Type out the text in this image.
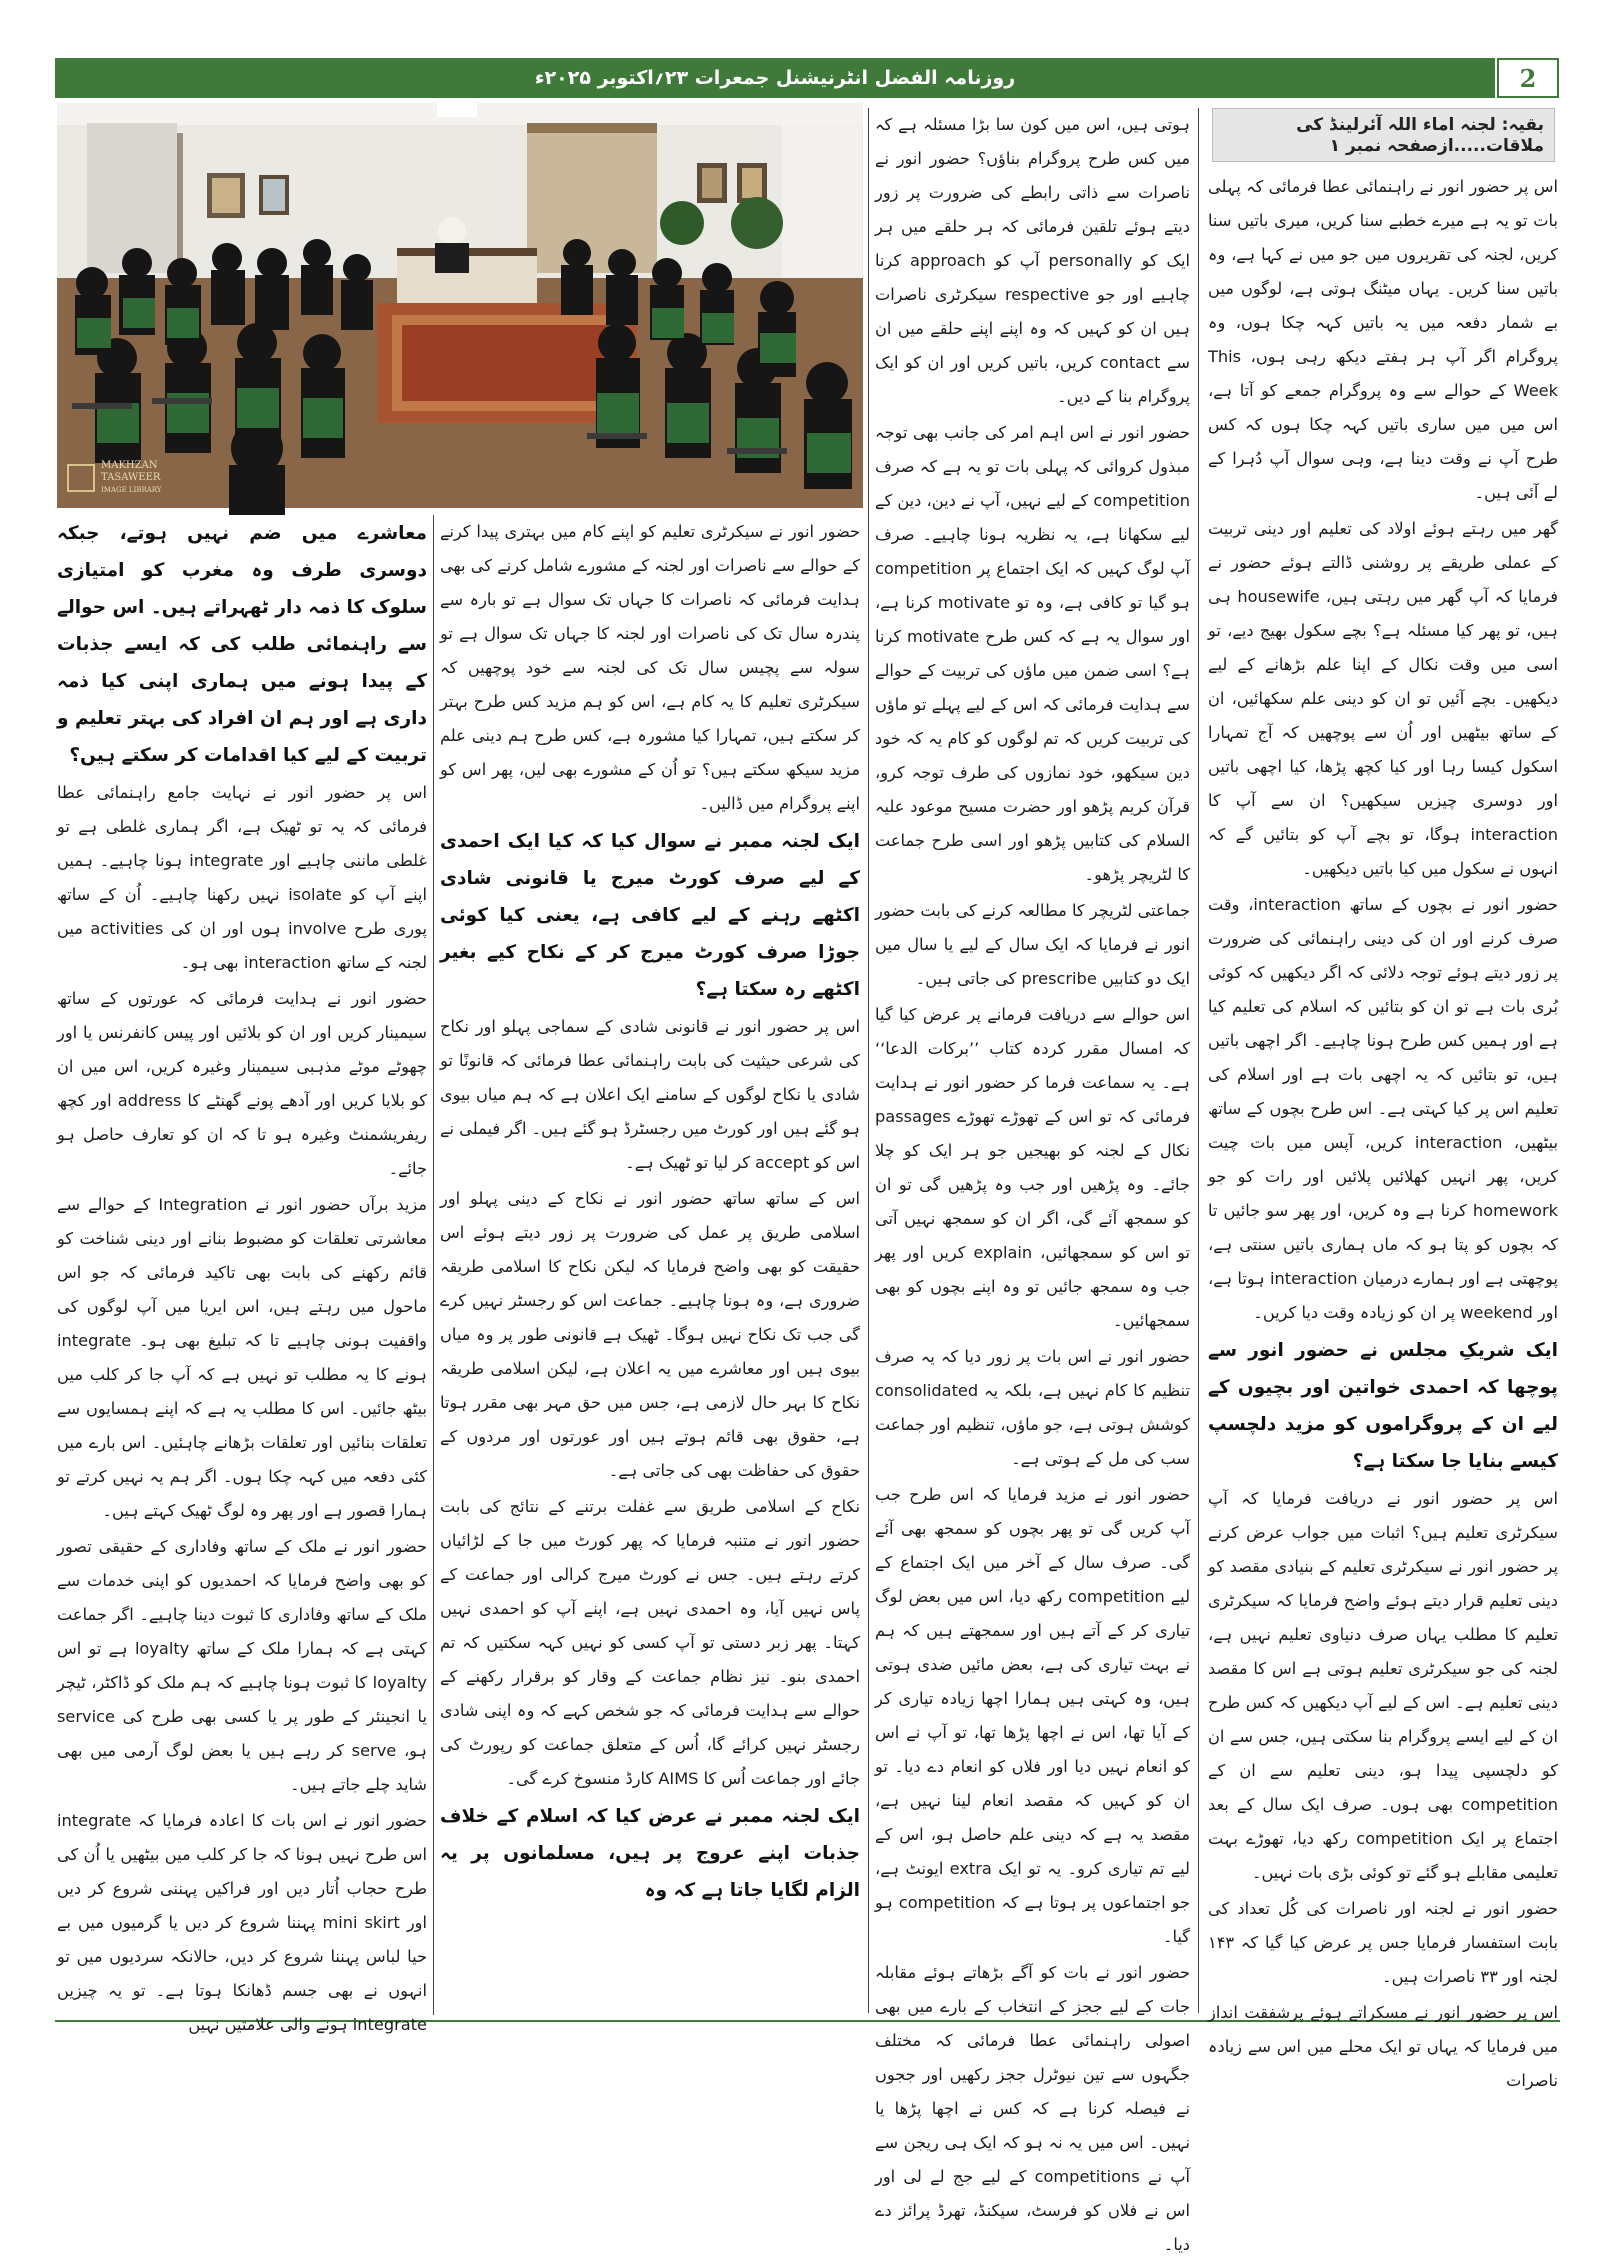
روزنامہ الفضل انٹرنیشنل جمعرات ۲۳؍اکتوبر ۲۰۲۵ء	2
MAKHZAN
TASAWEER
IMAGE LIBRARY
بقیہ: لجنہ اماء اللہ آئرلینڈ کی ملاقات.....ازصفحہ نمبر ۱

اس پر حضور انور نے راہنمائی عطا فرمائی کہ پہلی بات تو یہ ہے میرے خطبے سنا کریں، میری باتیں سنا کریں، لجنہ کی تقریروں میں جو میں نے کہا ہے، وہ باتیں سنا کریں۔ یہاں میٹنگ ہوتی ہے، لوگوں میں بے شمار دفعہ میں یہ باتیں کہہ چکا ہوں، وہ پروگرام اگر آپ ہر ہفتے دیکھ رہی ہوں، This Week کے حوالے سے وہ پروگرام جمعے کو آتا ہے، اس میں میں ساری باتیں کہہ چکا ہوں کہ کس طرح آپ نے وقت دینا ہے، وہی سوال آپ دُہرا کے لے آئی ہیں۔

گھر میں رہتے ہوئے اولاد کی تعلیم اور دینی تربیت کے عملی طریقے پر روشنی ڈالتے ہوئے حضور نے فرمایا کہ آپ گھر میں رہتی ہیں، housewife ہی ہیں، تو پھر کیا مسئلہ ہے؟ بچے سکول بھیج دیے، تو اسی میں وقت نکال کے اپنا علم بڑھانے کے لیے دیکھیں۔ بچے آئیں تو ان کو دینی علم سکھائیں، ان کے ساتھ بیٹھیں اور اُن سے پوچھیں کہ آج تمہارا اسکول کیسا رہا اور کیا کچھ پڑھا، کیا اچھی باتیں اور دوسری چیزیں سیکھیں؟ ان سے آپ کا interaction ہوگا، تو بچے آپ کو بتائیں گے کہ انہوں نے سکول میں کیا باتیں دیکھیں۔

حضور انور نے بچوں کے ساتھ interaction، وقت صرف کرنے اور ان کی دینی راہنمائی کی ضرورت پر زور دیتے ہوئے توجہ دلائی کہ اگر دیکھیں کہ کوئی بُری بات ہے تو ان کو بتائیں کہ اسلام کی تعلیم کیا ہے اور ہمیں کس طرح ہونا چاہیے۔ اگر اچھی باتیں ہیں، تو بتائیں کہ یہ اچھی بات ہے اور اسلام کی تعلیم اس پر کیا کہتی ہے۔ اس طرح بچوں کے ساتھ بیٹھیں، interaction کریں، آپس میں بات چیت کریں، پھر انہیں کھلائیں پلائیں اور رات کو جو homework کرنا ہے وہ کریں، اور پھر سو جائیں تا کہ بچوں کو پتا ہو کہ ماں ہماری باتیں سنتی ہے، پوچھتی ہے اور ہمارے درمیان interaction ہوتا ہے، اور weekend پر ان کو زیادہ وقت دیا کریں۔

ایک شریکِ مجلس نے حضور انور سے پوچھا کہ احمدی خواتین اور بچیوں کے لیے ان کے پروگراموں کو مزید دلچسپ کیسے بنایا جا سکتا ہے؟

اس پر حضور انور نے دریافت فرمایا کہ آپ سیکرٹری تعلیم ہیں؟ اثبات میں جواب عرض کرنے پر حضور انور نے سیکرٹری تعلیم کے بنیادی مقصد کو دینی تعلیم قرار دیتے ہوئے واضح فرمایا کہ سیکرٹری تعلیم کا مطلب یہاں صرف دنیاوی تعلیم نہیں ہے، لجنہ کی جو سیکرٹری تعلیم ہوتی ہے اس کا مقصد دینی تعلیم ہے۔ اس کے لیے آپ دیکھیں کہ کس طرح ان کے لیے ایسے پروگرام بنا سکتی ہیں، جس سے ان کو دلچسپی پیدا ہو، دینی تعلیم سے ان کے competition بھی ہوں۔ صرف ایک سال کے بعد اجتماع پر ایک competition رکھ دیا، تھوڑے بہت تعلیمی مقابلے ہو گئے تو کوئی بڑی بات نہیں۔

حضور انور نے لجنہ اور ناصرات کی کُل تعداد کی بابت استفسار فرمایا جس پر عرض کیا گیا کہ ۱۴۳ لجنہ اور ۳۳ ناصرات ہیں۔

اس پر حضور انور نے مسکراتے ہوئے پرشفقت انداز میں فرمایا کہ یہاں تو ایک محلے میں اس سے زیادہ ناصرات

ہوتی ہیں، اس میں کون سا بڑا مسئلہ ہے کہ میں کس طرح پروگرام بناؤں؟ حضور انور نے ناصرات سے ذاتی رابطے کی ضرورت پر زور دیتے ہوئے تلقین فرمائی کہ ہر حلقے میں ہر ایک کو personally آپ کو approach کرنا چاہیے اور جو respective سیکرٹری ناصرات ہیں ان کو کہیں کہ وہ اپنے اپنے حلقے میں ان سے contact کریں، باتیں کریں اور ان کو ایک پروگرام بنا کے دیں۔

حضور انور نے اس اہم امر کی جانب بھی توجہ مبذول کروائی کہ پہلی بات تو یہ ہے کہ صرف competition کے لیے نہیں، آپ نے دین، دین کے لیے سکھانا ہے، یہ نظریہ ہونا چاہیے۔ صرف آپ لوگ کہیں کہ ایک اجتماع پر competition ہو گیا تو کافی ہے، وہ تو motivate کرنا ہے، اور سوال یہ ہے کہ کس طرح motivate کرنا ہے؟ اسی ضمن میں ماؤں کی تربیت کے حوالے سے ہدایت فرمائی کہ اس کے لیے پہلے تو ماؤں کی تربیت کریں کہ تم لوگوں کو کام یہ کہ خود دین سیکھو، خود نمازوں کی طرف توجہ کرو، قرآن کریم پڑھو اور حضرت مسیح موعود علیہ السلام کی کتابیں پڑھو اور اسی طرح جماعت کا لٹریچر پڑھو۔

جماعتی لٹریچر کا مطالعہ کرنے کی بابت حضور انور نے فرمایا کہ ایک سال کے لیے یا سال میں ایک دو کتابیں prescribe کی جاتی ہیں۔

اس حوالے سے دریافت فرمانے پر عرض کیا گیا کہ امسال مقرر کردہ کتاب ’’برکات الدعا‘‘ ہے۔ یہ سماعت فرما کر حضور انور نے ہدایت فرمائی کہ تو اس کے تھوڑے تھوڑے passages نکال کے لجنہ کو بھیجیں جو ہر ایک کو چلا جائے۔ وہ پڑھیں اور جب وہ پڑھیں گی تو ان کو سمجھ آئے گی، اگر ان کو سمجھ نہیں آتی تو اس کو سمجھائیں، explain کریں اور پھر جب وہ سمجھ جائیں تو وہ اپنے بچوں کو بھی سمجھائیں۔

حضور انور نے اس بات پر زور دیا کہ یہ صرف تنظیم کا کام نہیں ہے، بلکہ یہ consolidated کوشش ہوتی ہے، جو ماؤں، تنظیم اور جماعت سب کی مل کے ہوتی ہے۔

حضور انور نے مزید فرمایا کہ اس طرح جب آپ کریں گی تو پھر بچوں کو سمجھ بھی آئے گی۔ صرف سال کے آخر میں ایک اجتماع کے لیے competition رکھ دیا، اس میں بعض لوگ تیاری کر کے آتے ہیں اور سمجھتے ہیں کہ ہم نے بہت تیاری کی ہے، بعض مائیں ضدی ہوتی ہیں، وہ کہتی ہیں ہمارا اچھا زیادہ تیاری کر کے آیا تھا، اس نے اچھا پڑھا تھا، تو آپ نے اس کو انعام نہیں دیا اور فلاں کو انعام دے دیا۔ تو ان کو کہیں کہ مقصد انعام لینا نہیں ہے، مقصد یہ ہے کہ دینی علم حاصل ہو، اس کے لیے تم تیاری کرو۔ یہ تو ایک extra ایونٹ ہے، جو اجتماعوں پر ہوتا ہے کہ competition ہو گیا۔

حضور انور نے بات کو آگے بڑھاتے ہوئے مقابلہ جات کے لیے ججز کے انتخاب کے بارے میں بھی اصولی راہنمائی عطا فرمائی کہ مختلف جگہوں سے تین نیوٹرل ججز رکھیں اور ججوں نے فیصلہ کرنا ہے کہ کس نے اچھا پڑھا یا نہیں۔ اس میں یہ نہ ہو کہ ایک ہی ریجن سے آپ نے competitions کے لیے جج لے لی اور اس نے فلاں کو فرسٹ، سیکنڈ، تھرڈ پرائز دے دیا۔

حضور انور نے سیکرٹری تعلیم کو اپنے کام میں بہتری پیدا کرنے کے حوالے سے ناصرات اور لجنہ کے مشورے شامل کرنے کی بھی ہدایت فرمائی کہ ناصرات کا جہاں تک سوال ہے تو بارہ سے پندرہ سال تک کی ناصرات اور لجنہ کا جہاں تک سوال ہے تو سولہ سے پچیس سال تک کی لجنہ سے خود پوچھیں کہ سیکرٹری تعلیم کا یہ کام ہے، اس کو ہم مزید کس طرح بہتر کر سکتے ہیں، تمہارا کیا مشورہ ہے، کس طرح ہم دینی علم مزید سیکھ سکتے ہیں؟ تو اُن کے مشورے بھی لیں، پھر اس کو اپنے پروگرام میں ڈالیں۔

ایک لجنہ ممبر نے سوال کیا کہ کیا ایک احمدی کے لیے صرف کورٹ میرج یا قانونی شادی اکٹھے رہنے کے لیے کافی ہے، یعنی کیا کوئی جوڑا صرف کورٹ میرج کر کے نکاح کیے بغیر اکٹھے رہ سکتا ہے؟

اس پر حضور انور نے قانونی شادی کے سماجی پہلو اور نکاح کی شرعی حیثیت کی بابت راہنمائی عطا فرمائی کہ قانونًا تو شادی یا نکاح لوگوں کے سامنے ایک اعلان ہے کہ ہم میاں بیوی ہو گئے ہیں اور کورٹ میں رجسٹرڈ ہو گئے ہیں۔ اگر فیملی نے اس کو accept کر لیا تو ٹھیک ہے۔

اس کے ساتھ ساتھ حضور انور نے نکاح کے دینی پہلو اور اسلامی طریق پر عمل کی ضرورت پر زور دیتے ہوئے اس حقیقت کو بھی واضح فرمایا کہ لیکن نکاح کا اسلامی طریقہ ضروری ہے، وہ ہونا چاہیے۔ جماعت اس کو رجسٹر نہیں کرے گی جب تک نکاح نہیں ہوگا۔ ٹھیک ہے قانونی طور پر وہ میاں بیوی ہیں اور معاشرے میں یہ اعلان ہے، لیکن اسلامی طریقہ نکاح کا بہر حال لازمی ہے، جس میں حق مہر بھی مقرر ہوتا ہے، حقوق بھی قائم ہوتے ہیں اور عورتوں اور مردوں کے حقوق کی حفاظت بھی کی جاتی ہے۔

نکاح کے اسلامی طریق سے غفلت برتنے کے نتائج کی بابت حضور انور نے متنبہ فرمایا کہ پھر کورٹ میں جا کے لڑائیاں کرتے رہتے ہیں۔ جس نے کورٹ میرج کرالی اور جماعت کے پاس نہیں آیا، وہ احمدی نہیں ہے، اپنے آپ کو احمدی نہیں کہتا۔ پھر زبر دستی تو آپ کسی کو نہیں کہہ سکتیں کہ تم احمدی بنو۔ نیز نظام جماعت کے وقار کو برقرار رکھنے کے حوالے سے ہدایت فرمائی کہ جو شخص کہے کہ وہ اپنی شادی رجسٹر نہیں کرائے گا، اُس کے متعلق جماعت کو رپورٹ کی جائے اور جماعت اُس کا AIMS کارڈ منسوخ کرے گی۔

ایک لجنہ ممبر نے عرض کیا کہ اسلام کے خلاف جذبات اپنے عروج پر ہیں، مسلمانوں پر یہ الزام لگایا جاتا ہے کہ وہ

معاشرے میں ضم نہیں ہوتے، جبکہ دوسری طرف وہ مغرب کو امتیازی سلوک کا ذمہ دار ٹھہراتے ہیں۔ اس حوالے سے راہنمائی طلب کی کہ ایسے جذبات کے پیدا ہونے میں ہماری اپنی کیا ذمہ داری ہے اور ہم ان افراد کی بہتر تعلیم و تربیت کے لیے کیا اقدامات کر سکتے ہیں؟

اس پر حضور انور نے نہایت جامع راہنمائی عطا فرمائی کہ یہ تو ٹھیک ہے، اگر ہماری غلطی ہے تو غلطی ماننی چاہیے اور integrate ہونا چاہیے۔ ہمیں اپنے آپ کو isolate نہیں رکھنا چاہیے۔ اُن کے ساتھ پوری طرح involve ہوں اور ان کی activities میں لجنہ کے ساتھ interaction بھی ہو۔

حضور انور نے ہدایت فرمائی کہ عورتوں کے ساتھ سیمینار کریں اور ان کو بلائیں اور پیس کانفرنس یا اور چھوٹے موٹے مذہبی سیمینار وغیرہ کریں، اس میں ان کو بلایا کریں اور آدھے پونے گھنٹے کا address اور کچھ ریفریشمنٹ وغیرہ ہو تا کہ ان کو تعارف حاصل ہو جائے۔

مزید برآں حضور انور نے Integration کے حوالے سے معاشرتی تعلقات کو مضبوط بنانے اور دینی شناخت کو قائم رکھنے کی بابت بھی تاکید فرمائی کہ جو اس ماحول میں رہتے ہیں، اس ایریا میں آپ لوگوں کی واقفیت ہونی چاہیے تا کہ تبلیغ بھی ہو۔ integrate ہونے کا یہ مطلب تو نہیں ہے کہ آپ جا کر کلب میں بیٹھ جائیں۔ اس کا مطلب یہ ہے کہ اپنے ہمسایوں سے تعلقات بنائیں اور تعلقات بڑھانے چاہئیں۔ اس بارے میں کئی دفعہ میں کہہ چکا ہوں۔ اگر ہم یہ نہیں کرتے تو ہمارا قصور ہے اور پھر وہ لوگ ٹھیک کہتے ہیں۔

حضور انور نے ملک کے ساتھ وفاداری کے حقیقی تصور کو بھی واضح فرمایا کہ احمدیوں کو اپنی خدمات سے ملک کے ساتھ وفاداری کا ثبوت دینا چاہیے۔ اگر جماعت کہتی ہے کہ ہمارا ملک کے ساتھ loyalty ہے تو اس loyalty کا ثبوت ہونا چاہیے کہ ہم ملک کو ڈاکٹر، ٹیچر یا انجینئر کے طور پر یا کسی بھی طرح کی service ہو، serve کر رہے ہیں یا بعض لوگ آرمی میں بھی شاید چلے جاتے ہیں۔

حضور انور نے اس بات کا اعادہ فرمایا کہ integrate اس طرح نہیں ہونا کہ جا کر کلب میں بیٹھیں یا اُن کی طرح حجاب اُتار دیں اور فراکیں پہننی شروع کر دیں اور mini skirt پہننا شروع کر دیں یا گرمیوں میں بے حیا لباس پہننا شروع کر دیں، حالانکہ سردیوں میں تو انہوں نے بھی جسم ڈھانکا ہوتا ہے۔ تو یہ چیزیں integrate ہونے والی علامتیں نہیں
